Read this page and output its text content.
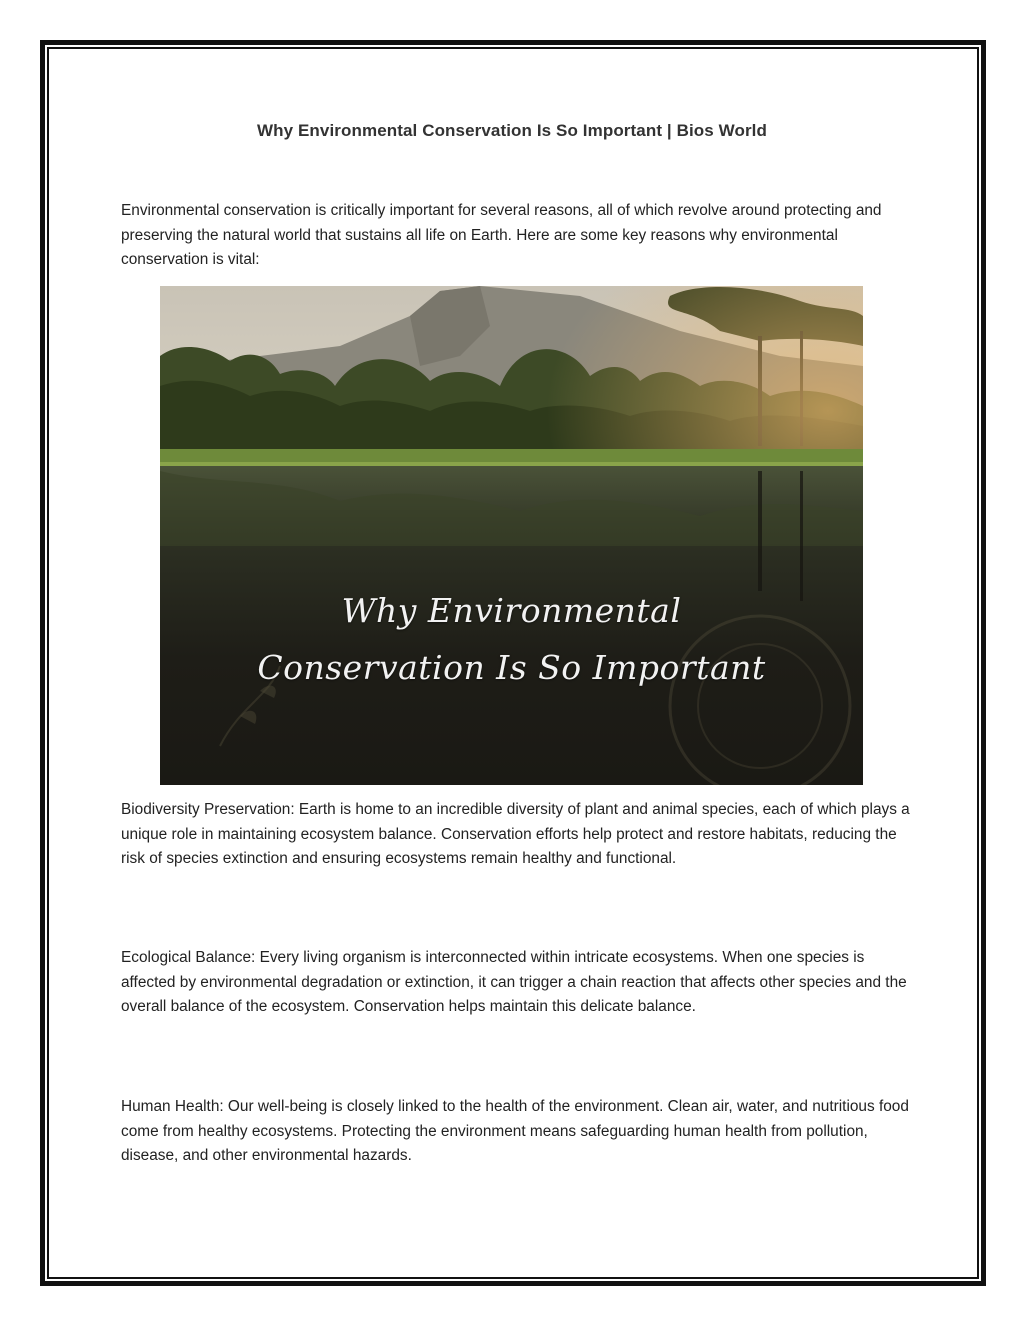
Why Environmental Conservation Is So Important | Bios World

Environmental conservation is critically important for several reasons, all of which revolve around protecting and preserving the natural world that sustains all life on Earth. Here are some key reasons why environmental conservation is vital:

Why Environmental
Conservation Is So Important

Biodiversity Preservation: Earth is home to an incredible diversity of plant and animal species, each of which plays a unique role in maintaining ecosystem balance. Conservation efforts help protect and restore habitats, reducing the risk of species extinction and ensuring ecosystems remain healthy and functional.

Ecological Balance: Every living organism is interconnected within intricate ecosystems. When one species is affected by environmental degradation or extinction, it can trigger a chain reaction that affects other species and the overall balance of the ecosystem. Conservation helps maintain this delicate balance.

Human Health: Our well-being is closely linked to the health of the environment. Clean air, water, and nutritious food come from healthy ecosystems. Protecting the environment means safeguarding human health from pollution, disease, and other environmental hazards.
